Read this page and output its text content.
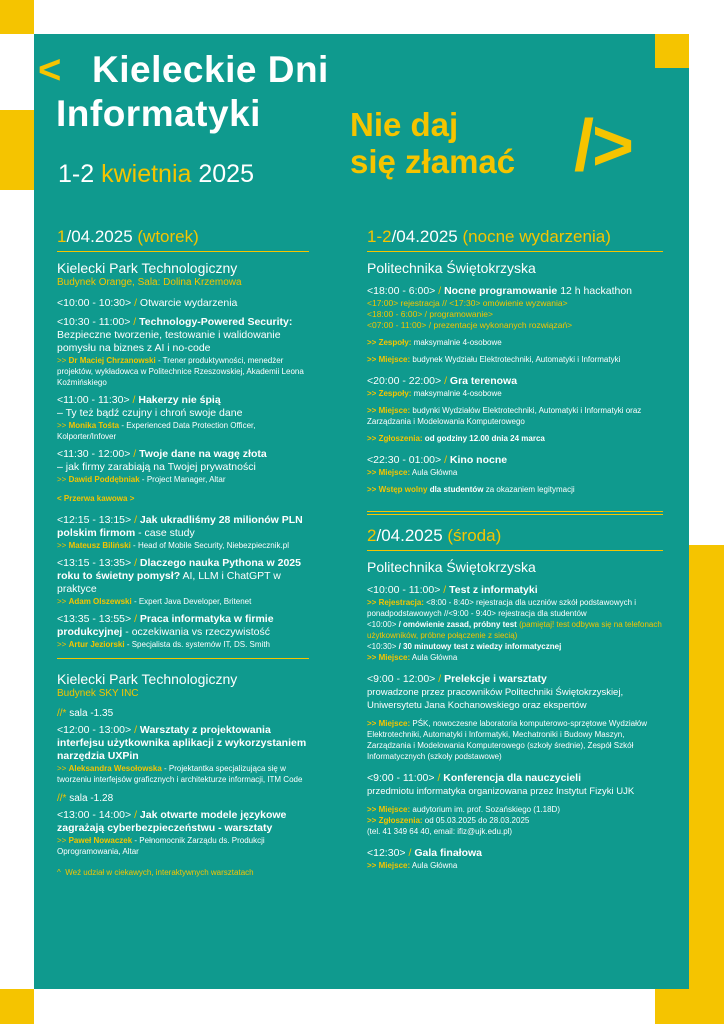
< Kieleckie Dni
Informatyki
1-2 kwietnia 2025
Nie daj
się złamać />
1/04.2025 (wtorek)
Kielecki Park Technologiczny
Budynek Orange, Sala: Dolina Krzemowa
<10:00 - 10:30> / Otwarcie wydarzenia
<10:30 - 11:00> / Technology-Powered Security:
Bezpieczne tworzenie, testowanie i walidowanie pomysłu na biznes z AI i no-code
>> Dr Maciej Chrzanowski - Trener produktywności, menedżer projektów, wykładowca w Politechnice Rzeszowskiej, Akademii Leona Koźmińskiego
<11:00 - 11:30> / Hakerzy nie śpią
– Ty też bądź czujny i chroń swoje dane
>> Monika Tośta - Experienced Data Protection Officer, Kolporter/Infover
<11:30 - 12:00> / Twoje dane na wagę złota
– jak firmy zarabiają na Twojej prywatności
>> Dawid Poddębniak - Project Manager, Altar
< Przerwa kawowa >
<12:15 - 13:15> / Jak ukradliśmy 28 milionów PLN polskim firmom - case study
>> Mateusz Biliński - Head of Mobile Security, Niebezpiecznik.pl
<13:15 - 13:35> / Dlaczego nauka Pythona w 2025 roku to świetny pomysł? AI, LLM i ChatGPT w praktyce
>> Adam Olszewski - Expert Java Developer, Britenet
<13:35 - 13:55> / Praca informatyka w firmie produkcyjnej - oczekiwania vs rzeczywistość
>> Artur Jeziorski - Specjalista ds. systemów IT, DS. Smith
Kielecki Park Technologiczny
Budynek SKY INC
//* sala -1.35
<12:00 - 13:00> / Warsztaty z projektowania interfejsu użytkownika aplikacji z wykorzystaniem narzędzia UXPin
>> Aleksandra Wesołowska - Projektantka specjalizująca się w tworzeniu interfejsów graficznych i architekturze informacji, ITM Code
//* sala -1.28
<13:00 - 14:00> / Jak otwarte modele językowe zagrażają cyberbezpieczeństwu - warsztaty
>> Paweł Nowaczek - Pełnomocnik Zarządu ds. Produkcji Oprogramowania, Altar
^ Weź udział w ciekawych, interaktywnych warsztatach
1-2/04.2025 (nocne wydarzenia)
Politechnika Świętokrzyska
<18:00 - 6:00> / Nocne programowanie 12 h hackathon
<17:00> rejestracja // <17:30> omówienie wyzwania>
<18:00 - 6:00> / programowanie>
<07:00 - 11:00> / prezentacje wykonanych rozwiązań>
>> Zespoły: maksymalnie 4-osobowe
>> Miejsce: budynek Wydziału Elektrotechniki, Automatyki i Informatyki
<20:00 - 22:00> / Gra terenowa
>> Zespoły: maksymalnie 4-osobowe
>> Miejsce: budynki Wydziałów Elektrotechniki, Automatyki i Informatyki oraz Zarządzania i Modelowania Komputerowego
>> Zgłoszenia: od godziny 12.00 dnia 24 marca
<22:30 - 01:00> / Kino nocne
>> Miejsce: Aula Główna
>> Wstęp wolny dla studentów za okazaniem legitymacji
2/04.2025 (środa)
Politechnika Świętokrzyska
<10:00 - 11:00> / Test z informatyki
>> Rejestracja: <8:00 - 8:40> rejestracja dla uczniów szkół podstawowych i ponadpodstawowych //<9:00 - 9:40> rejestracja dla studentów
<10:00> / omówienie zasad, próbny test (pamiętaj! test odbywa się na telefonach użytkowników, próbne połączenie z siecią)
<10:30> / 30 minutowy test z wiedzy informatycznej
>> Miejsce: Aula Główna
<9:00 - 12:00> / Prelekcje i warsztaty
prowadzone przez pracowników Politechniki Świętokrzyskiej, Uniwersytetu Jana Kochanowskiego oraz ekspertów
>> Miejsce: PŚK, nowoczesne laboratoria komputerowo-sprzętowe Wydziałów Elektrotechniki, Automatyki i Informatyki, Mechatroniki i Budowy Maszyn, Zarządzania i Modelowania Komputerowego (szkoły średnie), Zespół Szkół Informatycznych (szkoły podstawowe)
<9:00 - 11:00> / Konferencja dla nauczycieli
przedmiotu informatyka organizowana przez Instytut Fizyki UJK
>> Miejsce: audytorium im. prof. Sozańskiego (1.18D)
>> Zgłoszenia: od 05.03.2025 do 28.03.2025
(tel. 41 349 64 40, email: ifiz@ujk.edu.pl)
<12:30> / Gala finałowa
>> Miejsce: Aula Główna
